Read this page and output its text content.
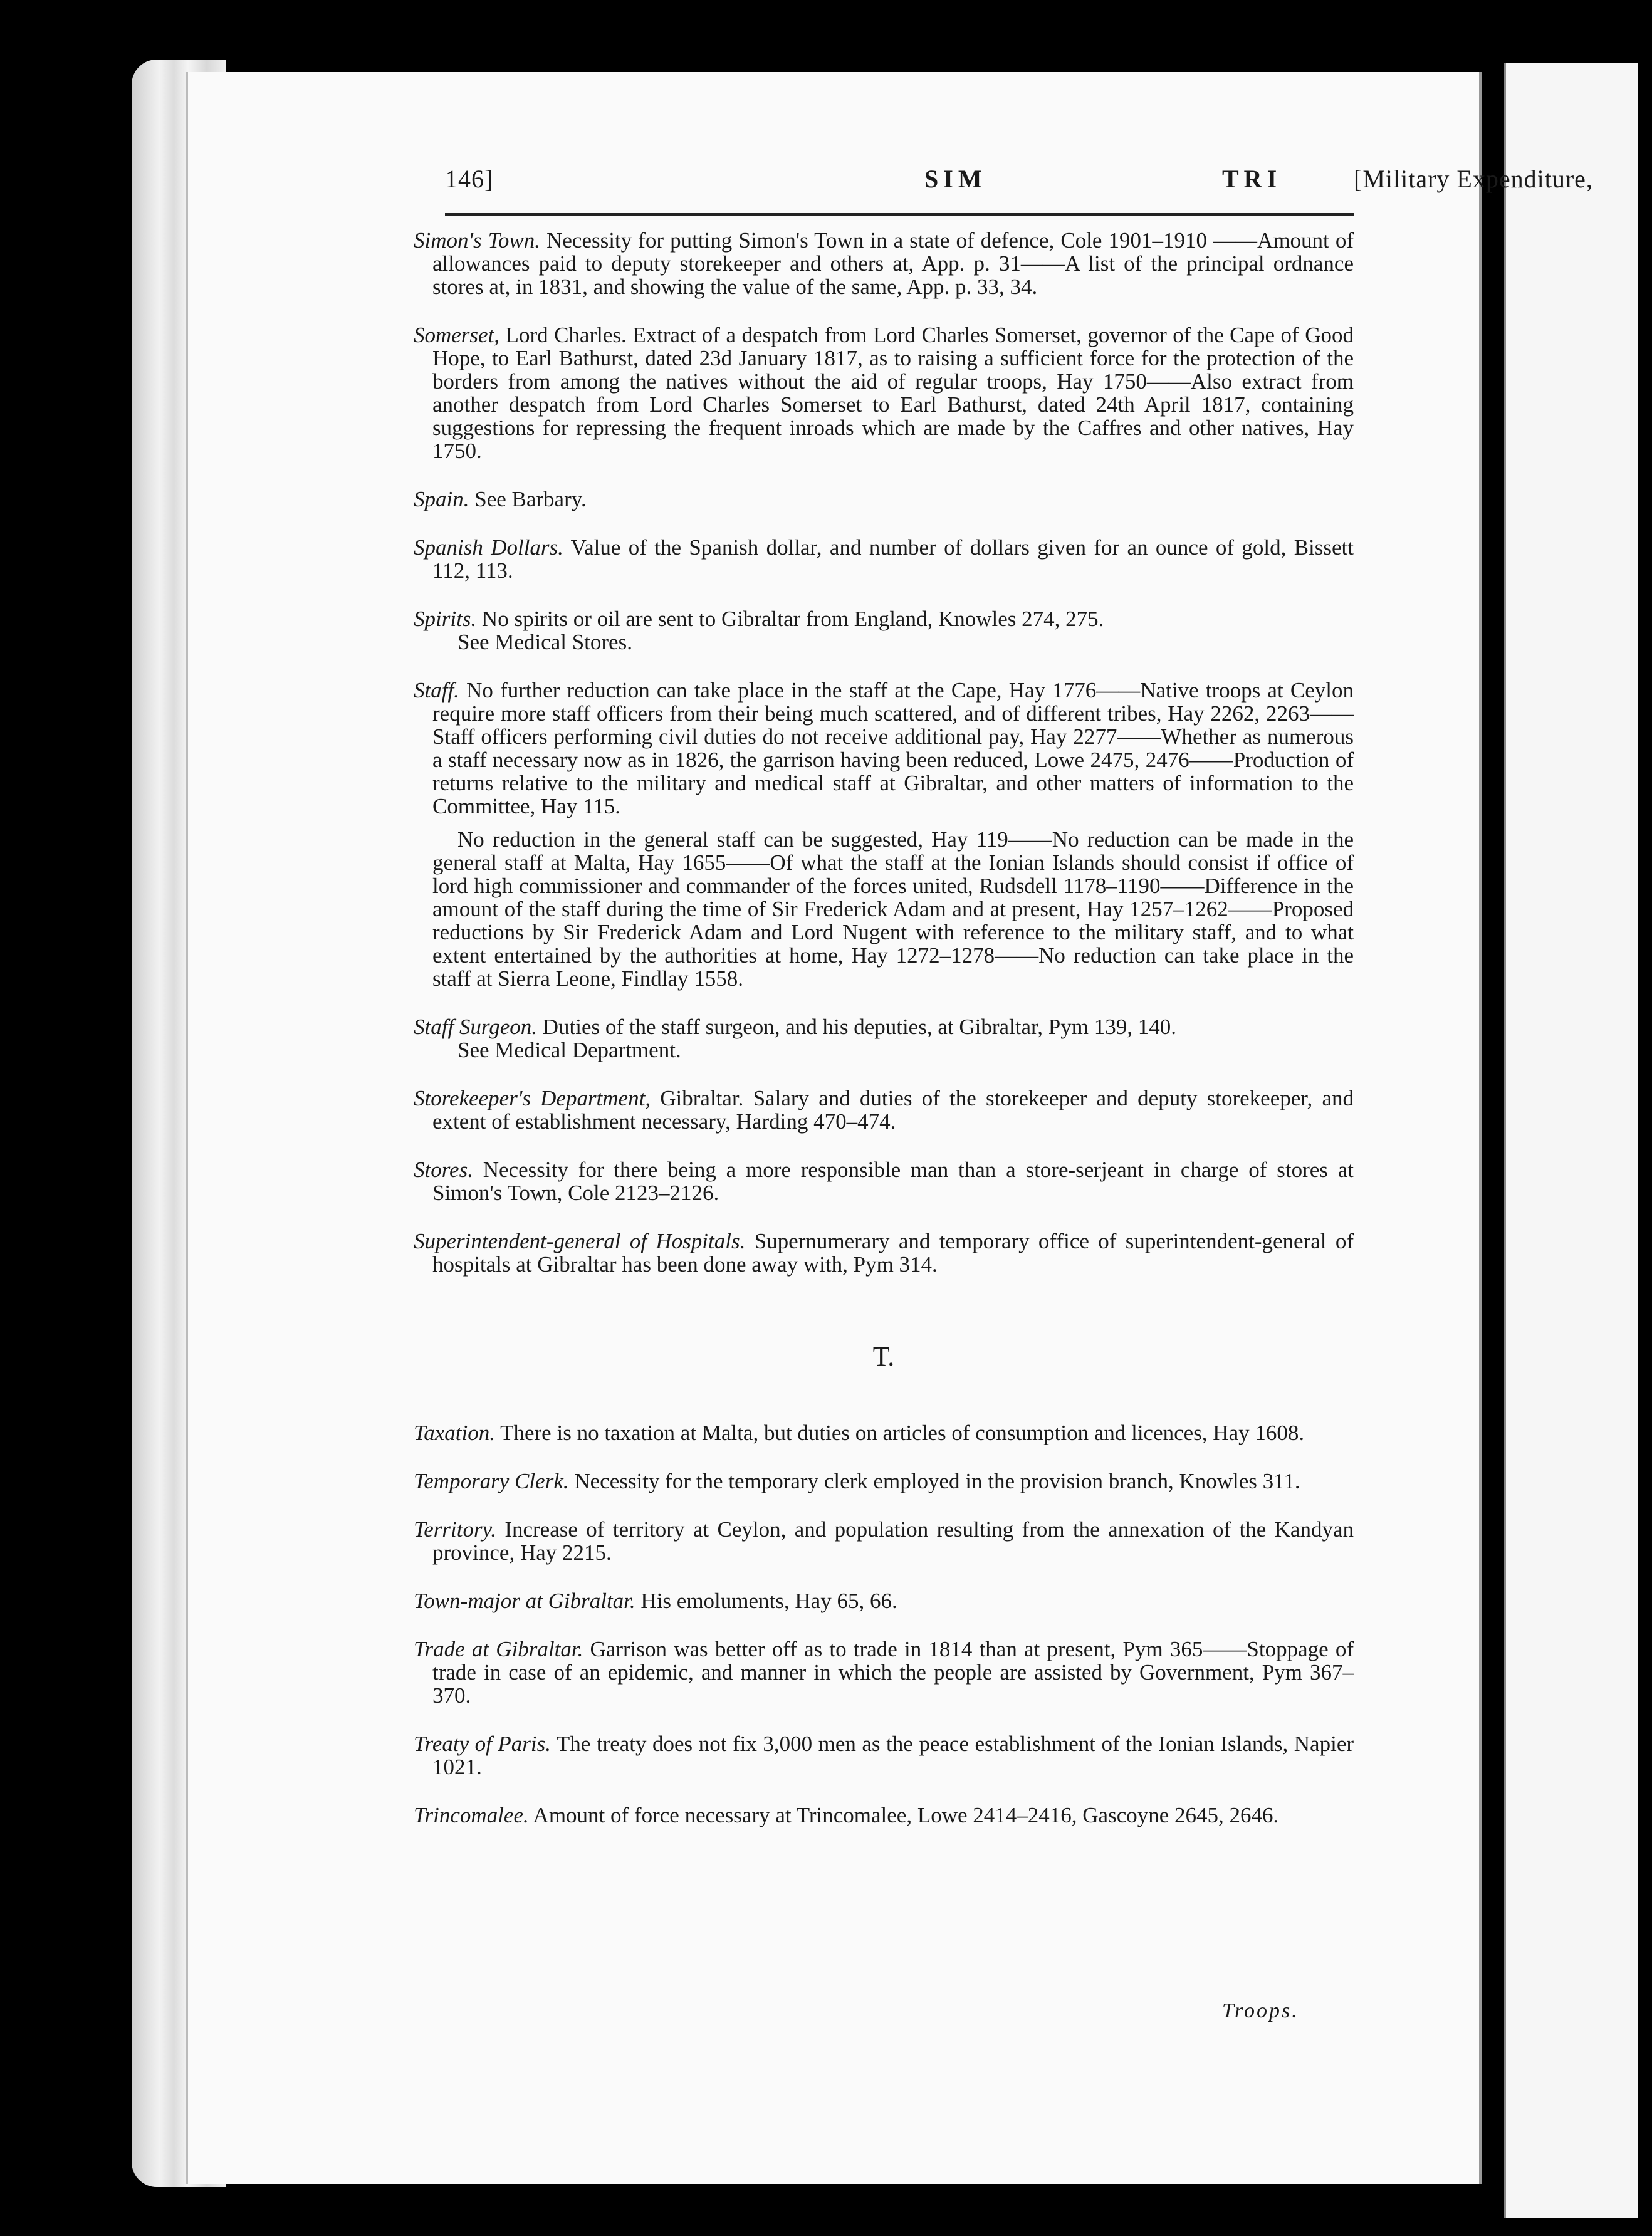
146]	SIM	TRI	[Military Expenditure,
Simon's Town. Necessity for putting Simon's Town in a state of defence, Cole 1901–1910 ——Amount of allowances paid to deputy storekeeper and others at, App. p. 31——A list of the principal ordnance stores at, in 1831, and showing the value of the same, App. p. 33, 34.
Somerset, Lord Charles. Extract of a despatch from Lord Charles Somerset, governor of the Cape of Good Hope, to Earl Bathurst, dated 23d January 1817, as to raising a sufficient force for the protection of the borders from among the natives without the aid of regular troops, Hay 1750——Also extract from another despatch from Lord Charles Somerset to Earl Bathurst, dated 24th April 1817, containing suggestions for repressing the frequent inroads which are made by the Caffres and other natives, Hay 1750.
Spain. See Barbary.
Spanish Dollars. Value of the Spanish dollar, and number of dollars given for an ounce of gold, Bissett 112, 113.
Spirits. No spirits or oil are sent to Gibraltar from England, Knowles 274, 275.
See Medical Stores.
Staff. No further reduction can take place in the staff at the Cape, Hay 1776——Native troops at Ceylon require more staff officers from their being much scattered, and of different tribes, Hay 2262, 2263——Staff officers performing civil duties do not receive additional pay, Hay 2277——Whether as numerous a staff necessary now as in 1826, the garrison having been reduced, Lowe 2475, 2476——Production of returns relative to the military and medical staff at Gibraltar, and other matters of information to the Committee, Hay 115.
No reduction in the general staff can be suggested, Hay 119——No reduction can be made in the general staff at Malta, Hay 1655——Of what the staff at the Ionian Islands should consist if office of lord high commissioner and commander of the forces united, Rudsdell 1178–1190——Difference in the amount of the staff during the time of Sir Frederick Adam and at present, Hay 1257–1262——Proposed reductions by Sir Frederick Adam and Lord Nugent with reference to the military staff, and to what extent entertained by the authorities at home, Hay 1272–1278——No reduction can take place in the staff at Sierra Leone, Findlay 1558.
Staff Surgeon. Duties of the staff surgeon, and his deputies, at Gibraltar, Pym 139, 140.
See Medical Department.
Storekeeper's Department, Gibraltar. Salary and duties of the storekeeper and deputy storekeeper, and extent of establishment necessary, Harding 470–474.
Stores. Necessity for there being a more responsible man than a store-serjeant in charge of stores at Simon's Town, Cole 2123–2126.
Superintendent-general of Hospitals. Supernumerary and temporary office of superintendent-general of hospitals at Gibraltar has been done away with, Pym 314.
T.
Taxation. There is no taxation at Malta, but duties on articles of consumption and licences, Hay 1608.
Temporary Clerk. Necessity for the temporary clerk employed in the provision branch, Knowles 311.
Territory. Increase of territory at Ceylon, and population resulting from the annexation of the Kandyan province, Hay 2215.
Town-major at Gibraltar. His emoluments, Hay 65, 66.
Trade at Gibraltar. Garrison was better off as to trade in 1814 than at present, Pym 365——Stoppage of trade in case of an epidemic, and manner in which the people are assisted by Government, Pym 367–370.
Treaty of Paris. The treaty does not fix 3,000 men as the peace establishment of the Ionian Islands, Napier 1021.
Trincomalee. Amount of force necessary at Trincomalee, Lowe 2414–2416, Gascoyne 2645, 2646.
Troops.
